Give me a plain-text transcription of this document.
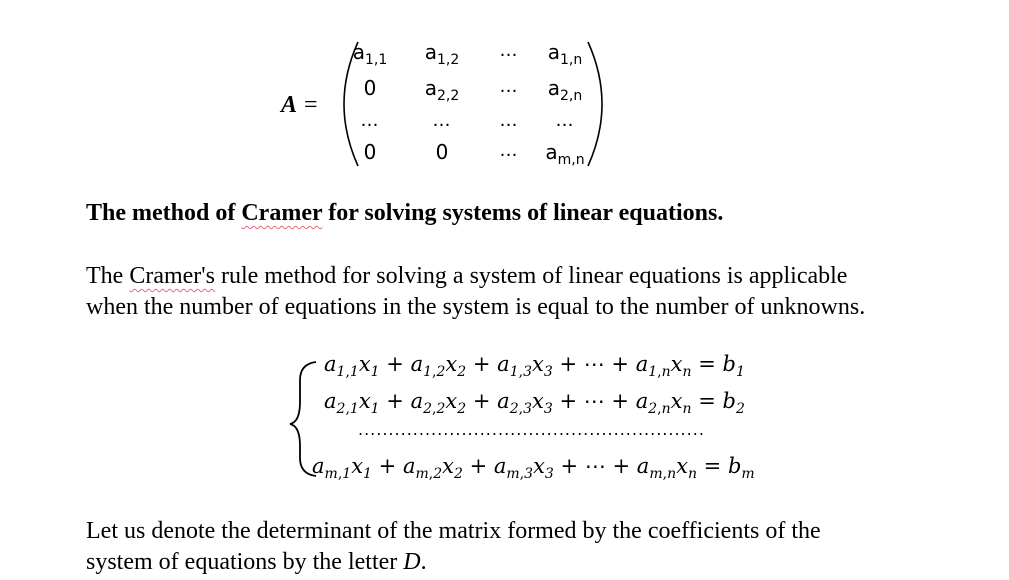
A =
$a_{1,1}$	$a_{1,2}$	…	$a_{1,n}$
0	$a_{2,2}$	…	$a_{2,n}$
…	…	…	…
0	0	…	$a_{m,n}$
The method of Cramer for solving systems of linear equations.
The Cramer's rule method for solving a system of linear equations is applicable
when the number of equations in the system is equal to the number of unknowns.
$a_{1,1}x_1 + a_{1,2}x_2 + a_{1,3}x_3$ + ⋯ + $a_{1,n}x_n = b_1$
$a_{2,1}x_1 + a_{2,2}x_2 + a_{2,3}x_3$ + ⋯ + $a_{2,n}x_n = b_2$
$a_{m,1}x_1 + a_{m,2}x_2 + a_{m,3}x_3$ + ⋯ + $a_{m,n}x_n = b_m$
.........................................................
Let us denote the determinant of the matrix formed by the coefficients of the
system of equations by the letter D.
